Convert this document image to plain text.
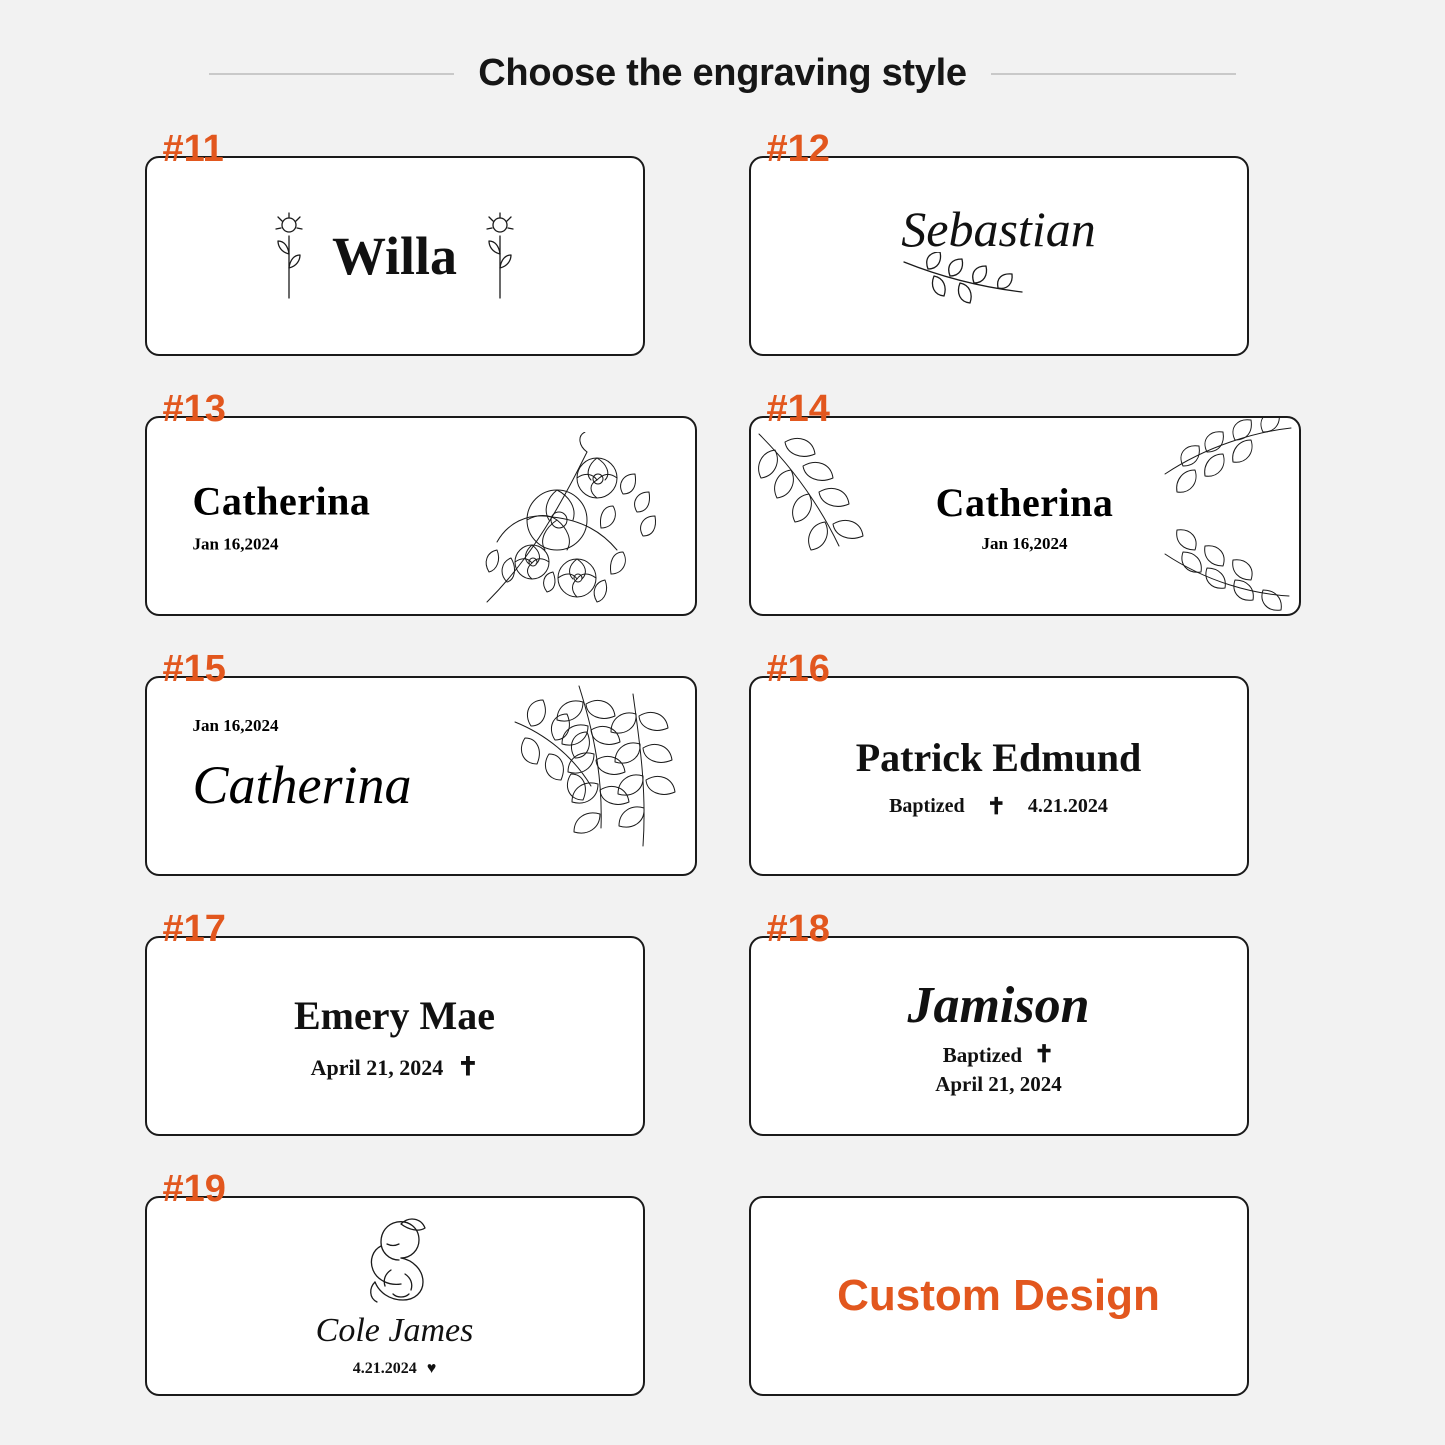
Choose the engraving style
#11
Willa
#12
Sebastian
#13
Catherina
Jan 16,2024
#14
Catherina
Jan 16,2024
#15
Jan 16,2024
Catherina
#16
Patrick Edmund
Baptized ✝ 4.21.2024
#17
Emery Mae
April 21, 2024 ✝
#18
Jamison
Baptized ✝
April 21, 2024
#19
Cole James
4.21.2024 ♥
Custom Design
